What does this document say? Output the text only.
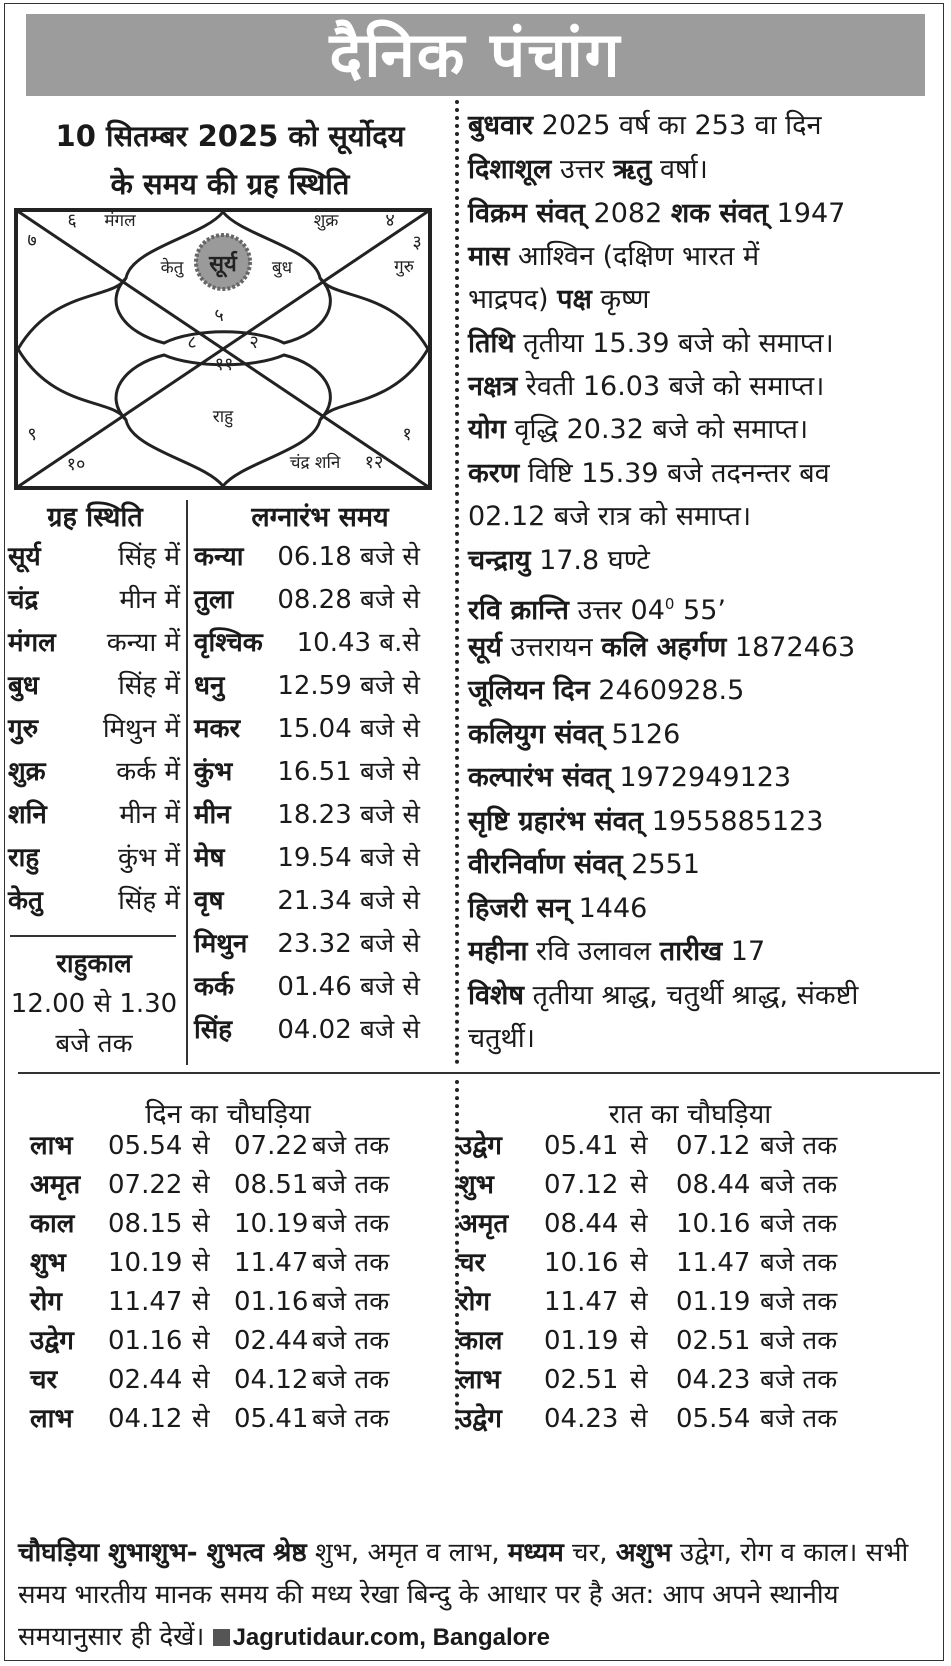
दैनिक पंचांग
10 सितम्बर 2025 को सूर्योदय
के समय की ग्रह स्थिति
सूर्य
केतु	बुध
मंगल	शुक्र
गुरु
राहु
चंद्र शनि
५
४
३
२
१
१२
११
१०
९
८
७
६
ग्रह स्थिति
सूर्य	सिंह में
चंद्र	मीन में
मंगल कन्या में
बुध	सिंह में
गुरु मिथुन में
शुक्र	कर्क में
शनि	मीन में
राहु	कुंभ में
केतु	सिंह में
राहुकाल
12.00 से 1.30
बजे तक
लग्नारंभ समय
कन्या 06.18 बजे से
तुला 08.28 बजे से
वृश्चिक 10.43 ब.से
धनु 12.59 बजे से
मकर 15.04 बजे से
कुंभ 16.51 बजे से
मीन 18.23 बजे से
मेष 19.54 बजे से
वृष 21.34 बजे से
मिथुन 23.32 बजे से
कर्क 01.46 बजे से
सिंह 04.02 बजे से
बुधवार 2025 वर्ष का 253 वा दिन
दिशाशूल उत्तर ऋतु वर्षा।
विक्रम संवत् 2082 शक संवत् 1947
मास आश्विन (दक्षिण भारत में
भाद्रपद) पक्ष कृष्ण
तिथि तृतीया 15.39 बजे को समाप्त।
नक्षत्र रेवती 16.03 बजे को समाप्त।
योग वृद्धि 20.32 बजे को समाप्त।
करण विष्टि 15.39 बजे तदनन्तर बव
02.12 बजे रात्र को समाप्त।
चन्द्रायु 17.8 घण्टे
रवि क्रान्ति उत्तर $04^0$ 55’
सूर्य उत्तरायन कलि अहर्गण 1872463
जूलियन दिन 2460928.5
कलियुग संवत् 5126
कल्पारंभ संवत् 1972949123
सृष्टि ग्रहारंभ संवत् 1955885123
वीरनिर्वाण संवत् 2551
हिजरी सन् 1446
महीना रवि उलावल तारीख 17
विशेष तृतीया श्राद्ध, चतुर्थी श्राद्ध, संकष्टी
चतुर्थी।
दिन का चौघड़िया	रात का चौघड़िया
लाभ 05.54 से 07.22 बजे तक
अमृत 07.22 से 08.51 बजे तक
काल 08.15 से 10.19 बजे तक
शुभ 10.19 से 11.47 बजे तक
रोग 11.47 से 01.16 बजे तक
उद्वेग 01.16 से 02.44 बजे तक
चर 02.44 से 04.12 बजे तक
लाभ 04.12 से 05.41 बजे तक
उद्वेग 05.41 से 07.12 बजे तक
शुभ 07.12 से 08.44 बजे तक
अमृत 08.44 से 10.16 बजे तक
चर 10.16 से 11.47 बजे तक
रोग 11.47 से 01.19 बजे तक
काल 01.19 से 02.51 बजे तक
लाभ 02.51 से 04.23 बजे तक
उद्वेग 04.23 से 05.54 बजे तक
चौघड़िया शुभाशुभ- शुभत्व श्रेष्ठ शुभ, अमृत व लाभ, मध्यम चर, अशुभ उद्वेग, रोग व काल। सभी समय भारतीय मानक समय की मध्य रेखा बिन्दु के आधार पर है अत: आप अपने स्थानीय समयानुसार ही देखें। Jagrutidaur.com, Bangalore
